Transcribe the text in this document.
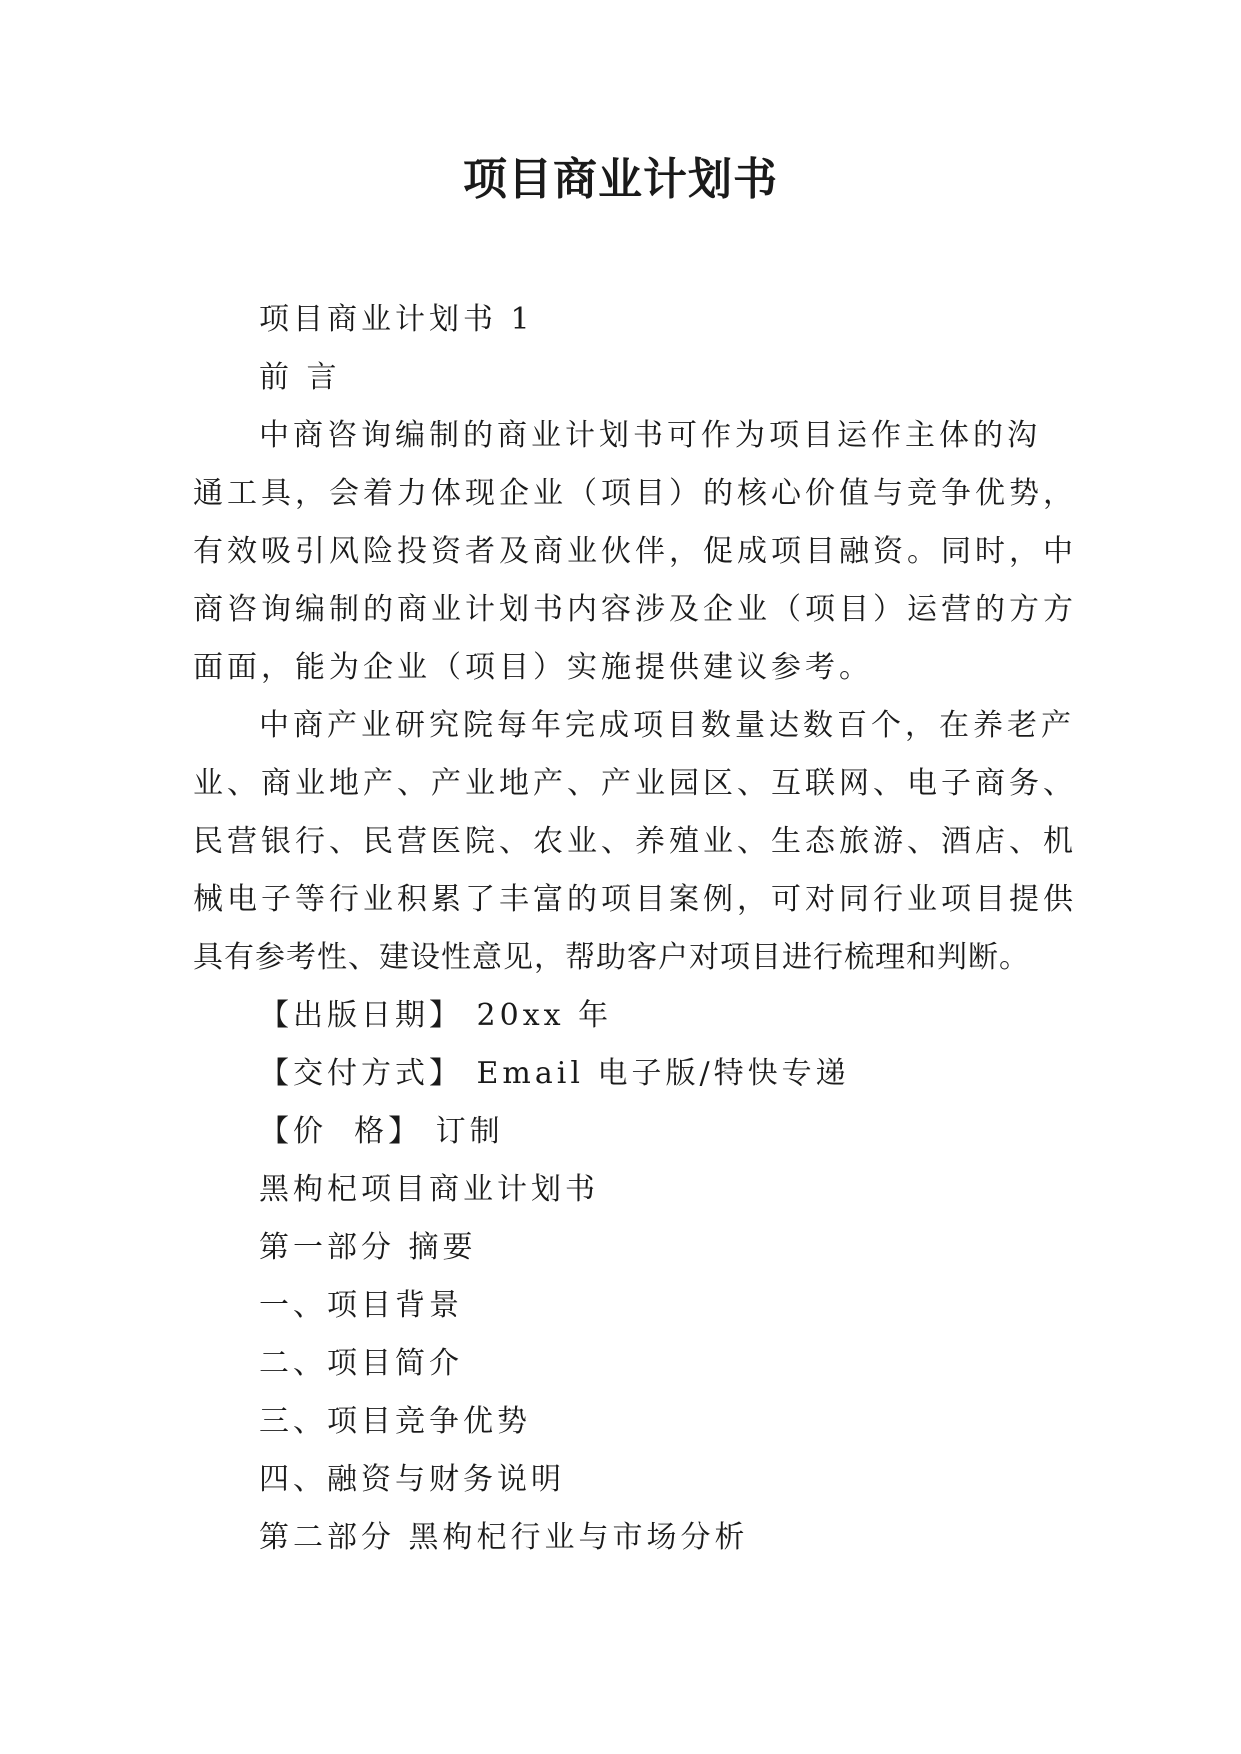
项目商业计划书

项目商业计划书 1

前 言

中商咨询编制的商业计划书可作为项目运作主体的沟
通工具，会着力体现企业（项目）的核心价值与竞争优势，
有效吸引风险投资者及商业伙伴，促成项目融资。同时，中
商咨询编制的商业计划书内容涉及企业（项目）运营的方方
面面，能为企业（项目）实施提供建议参考。
中商产业研究院每年完成项目数量达数百个，在养老产
业、商业地产、产业地产、产业园区、互联网、电子商务、
民营银行、民营医院、农业、养殖业、生态旅游、酒店、机
械电子等行业积累了丰富的项目案例，可对同行业项目提供
具有参考性、建设性意见，帮助客户对项目进行梳理和判断。

【出版日期】 20xx 年

【交付方式】 Email 电子版/特快专递

【价  格】 订制

黑枸杞项目商业计划书

第一部分 摘要

一、项目背景

二、项目简介

三、项目竞争优势

四、融资与财务说明

第二部分 黑枸杞行业与市场分析
